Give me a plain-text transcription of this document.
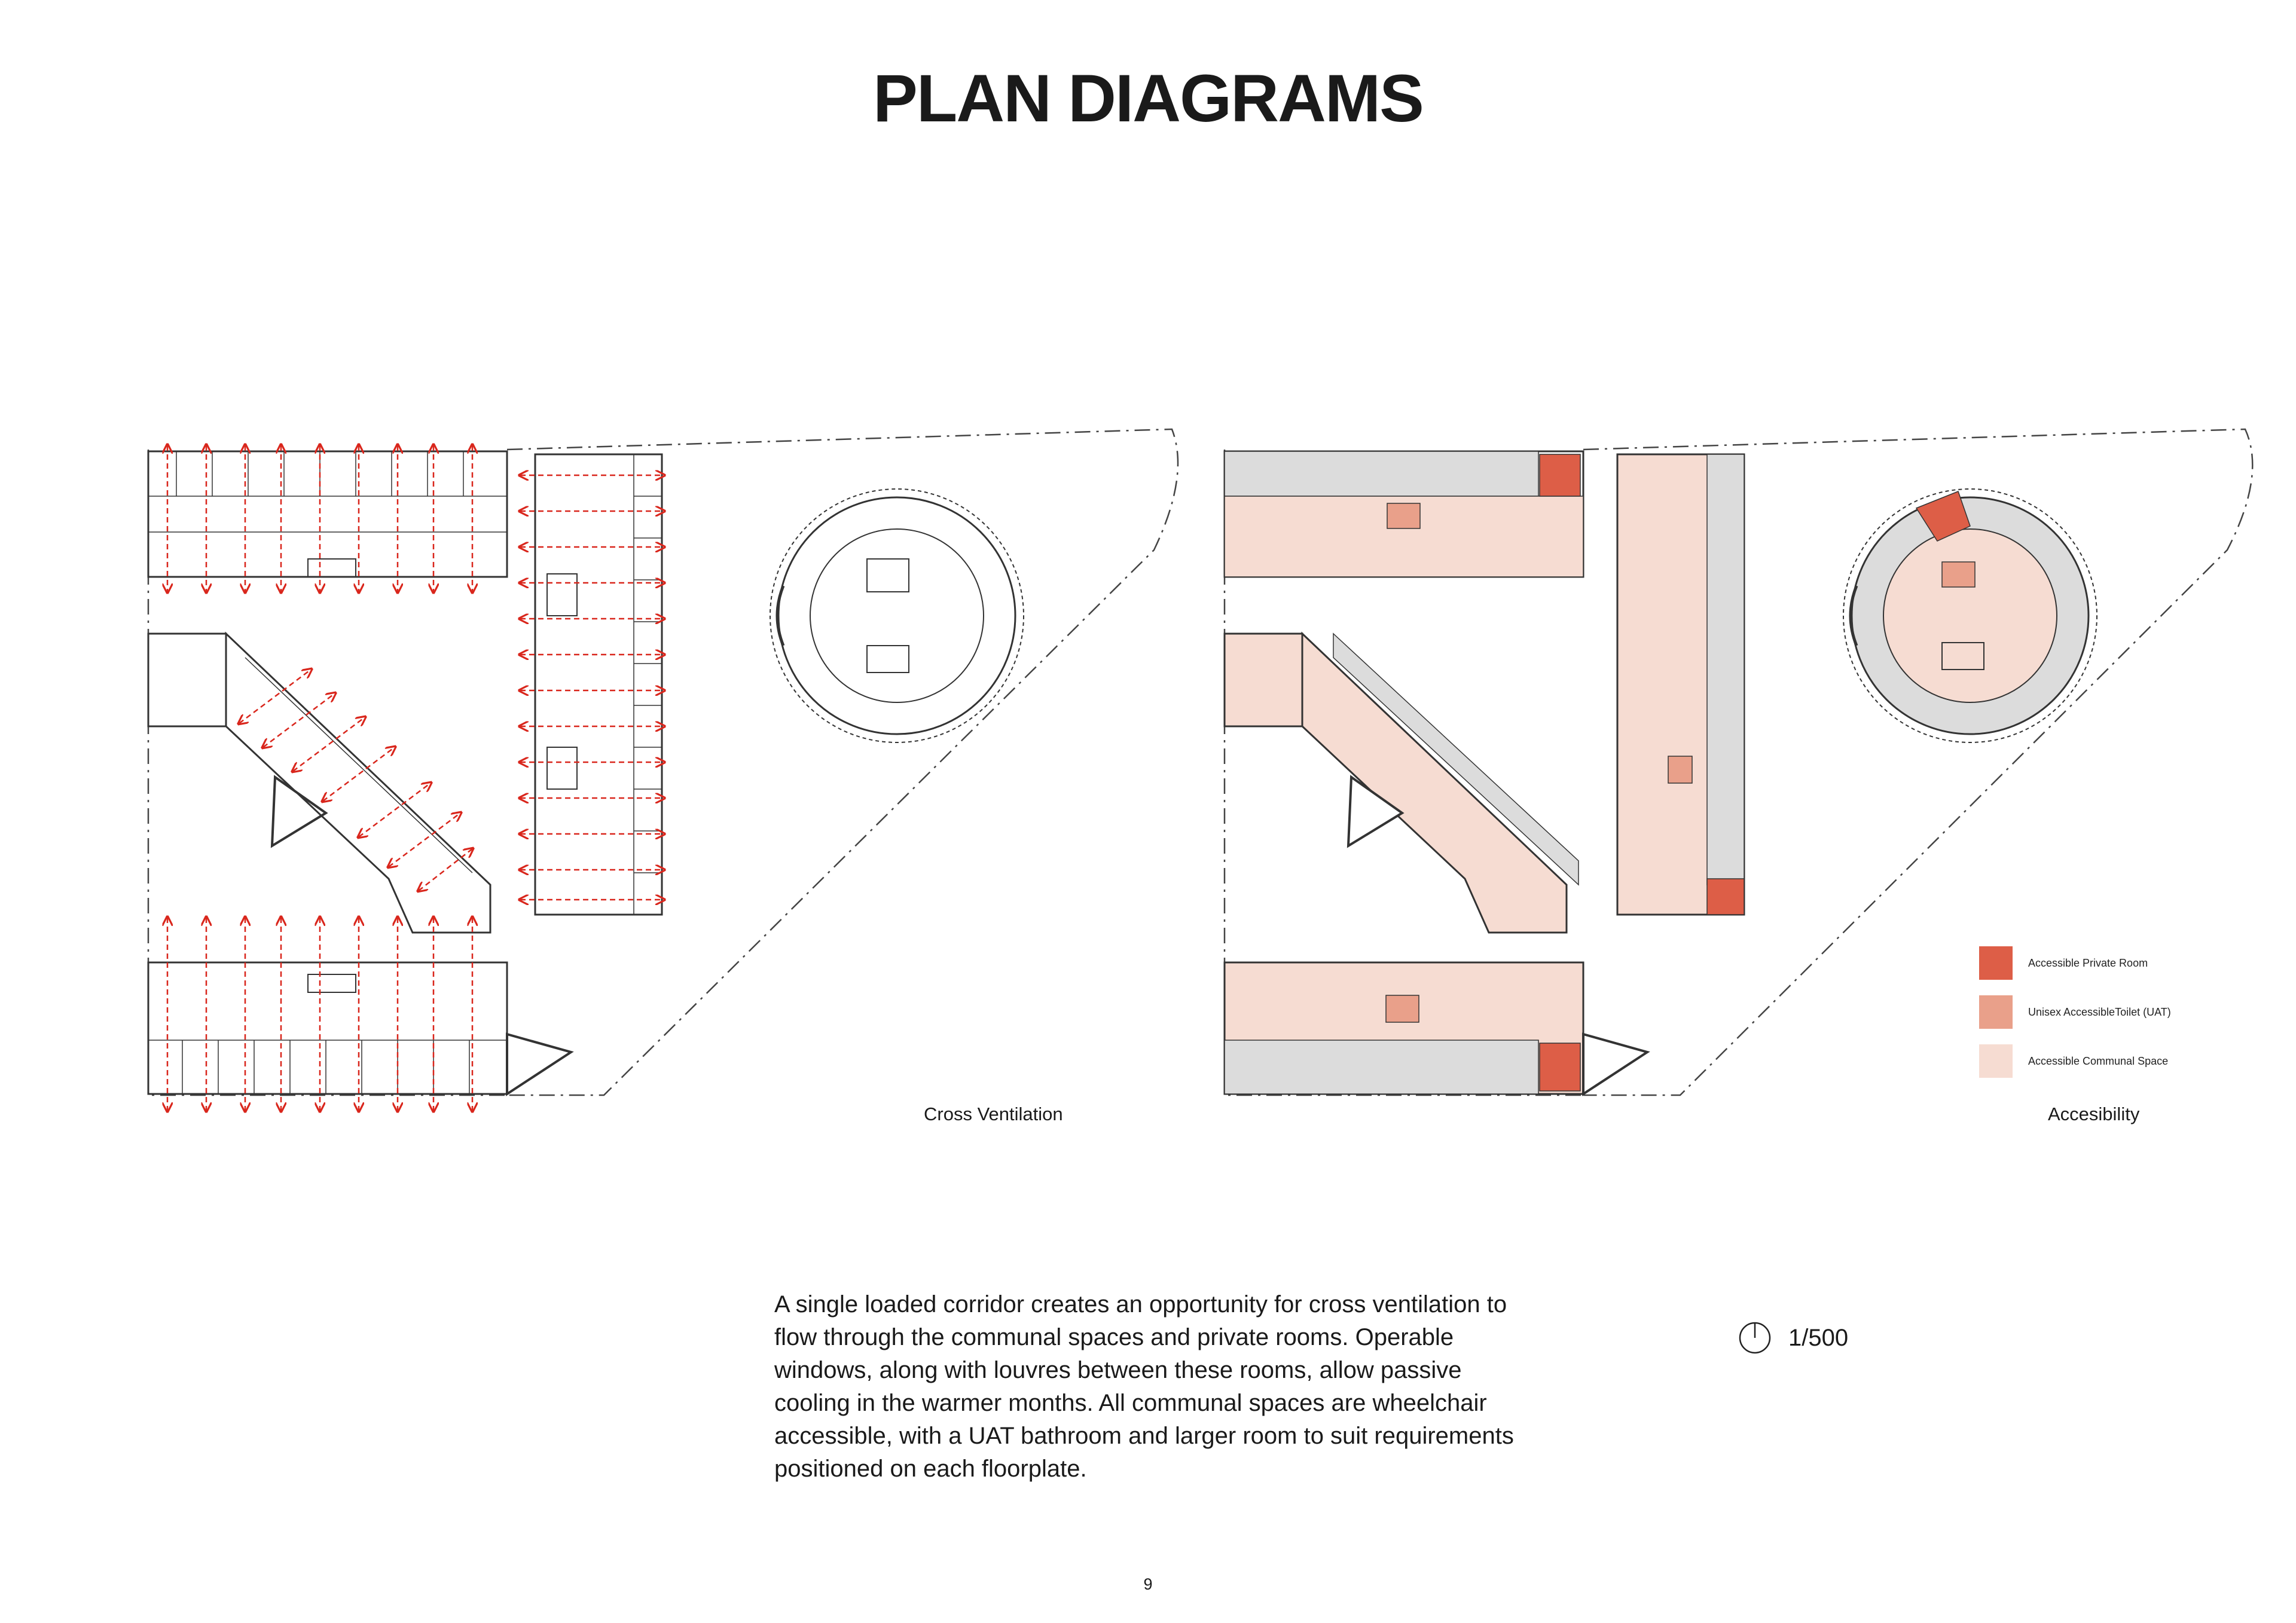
PLAN DIAGRAMS
Cross Ventilation	Accesibility
Accessible Private Room
Unisex AccessibleToilet (UAT)
Accessible Communal Space
A single loaded corridor creates an opportunity for cross ventilation to flow through the communal spaces and private rooms. Operable windows, along with louvres between these rooms, allow passive cooling in the warmer months. All communal spaces are wheelchair accessible, with a UAT bathroom and larger room to suit requirements positioned on each floorplate.
1/500
9
